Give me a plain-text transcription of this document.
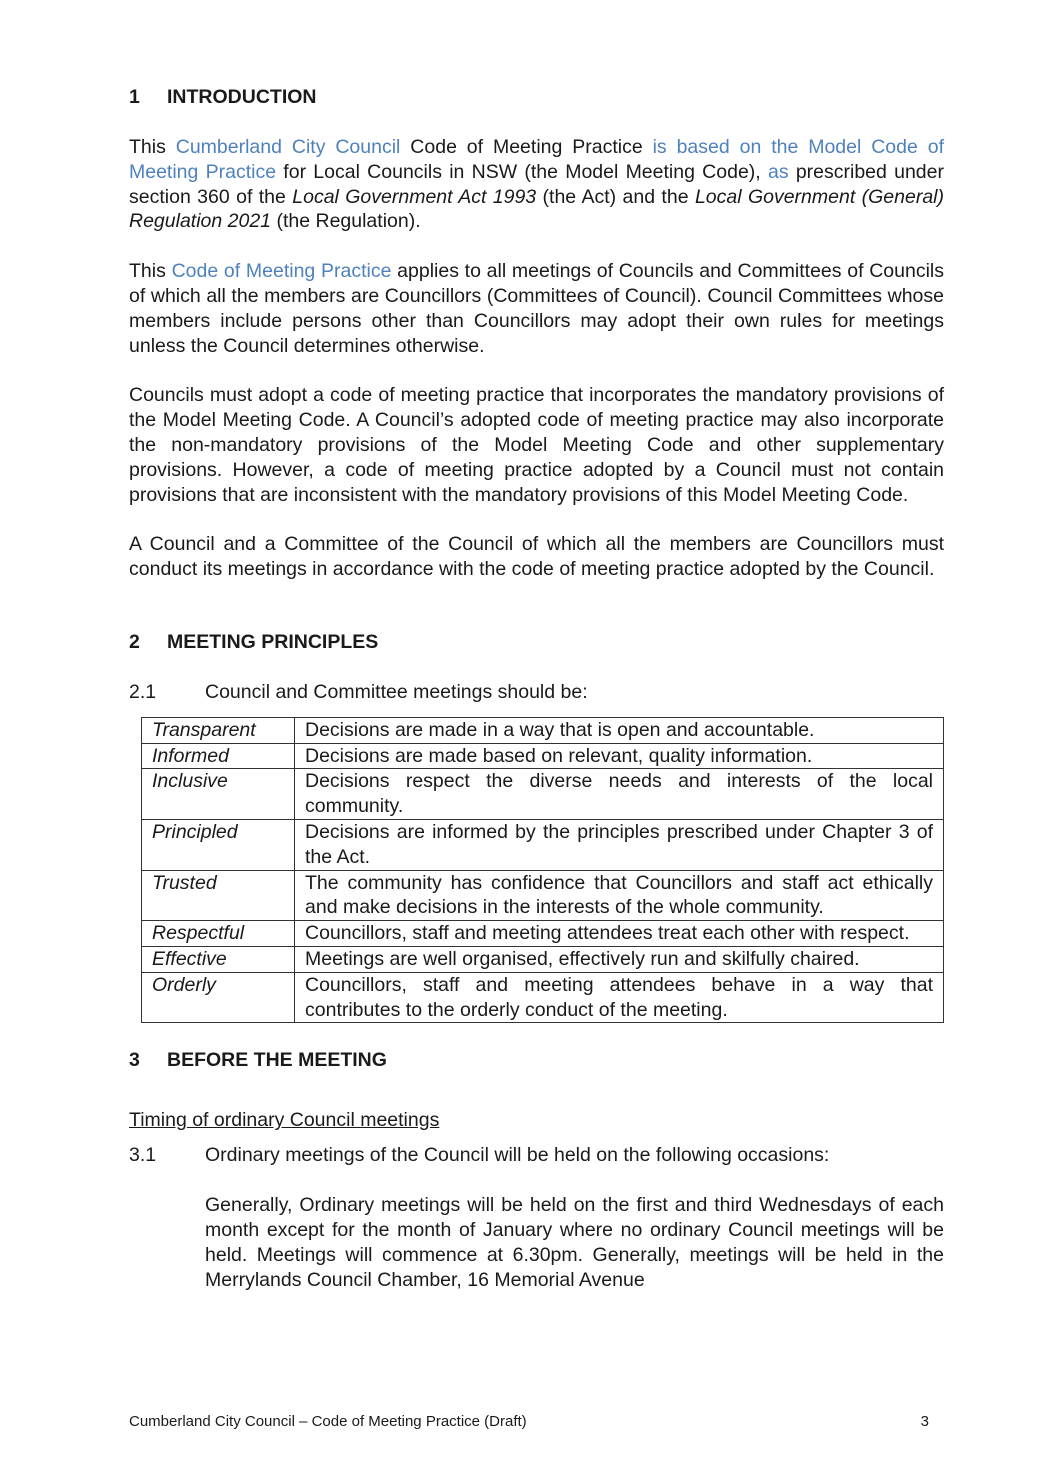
1	INTRODUCTION

This Cumberland City Council Code of Meeting Practice is based on the Model Code of Meeting Practice for Local Councils in NSW (the Model Meeting Code), as prescribed under section 360 of the Local Government Act 1993 (the Act) and the Local Government (General) Regulation 2021 (the Regulation).

This Code of Meeting Practice applies to all meetings of Councils and Committees of Councils of which all the members are Councillors (Committees of Council). Council Committees whose members include persons other than Councillors may adopt their own rules for meetings unless the Council determines otherwise.

Councils must adopt a code of meeting practice that incorporates the mandatory provisions of the Model Meeting Code. A Council’s adopted code of meeting practice may also incorporate the non-mandatory provisions of the Model Meeting Code and other supplementary provisions. However, a code of meeting practice adopted by a Council must not contain provisions that are inconsistent with the mandatory provisions of this Model Meeting Code.

A Council and a Committee of the Council of which all the members are Councillors must conduct its meetings in accordance with the code of meeting practice adopted by the Council.

2	MEETING PRINCIPLES
2.1	Council and Committee meetings should be:
Transparent	Decisions are made in a way that is open and accountable.
Informed	Decisions are made based on relevant, quality information.
Inclusive	Decisions respect the diverse needs and interests of the local community.
Principled	Decisions are informed by the principles prescribed under Chapter 3 of the Act.
Trusted	The community has confidence that Councillors and staff act ethically and make decisions in the interests of the whole community.
Respectful	Councillors, staff and meeting attendees treat each other with respect.
Effective	Meetings are well organised, effectively run and skilfully chaired.
Orderly	Councillors, staff and meeting attendees behave in a way that contributes to the orderly conduct of the meeting.
3	BEFORE THE MEETING

Timing of ordinary Council meetings

3.1	Ordinary meetings of the Council will be held on the following occasions:

Generally, Ordinary meetings will be held on the first and third Wednesdays of each month except for the month of January where no ordinary Council meetings will be held. Meetings will commence at 6.30pm. Generally, meetings will be held in the Merrylands Council Chamber, 16 Memorial Avenue

Cumberland City Council – Code of Meeting Practice (Draft)	3
